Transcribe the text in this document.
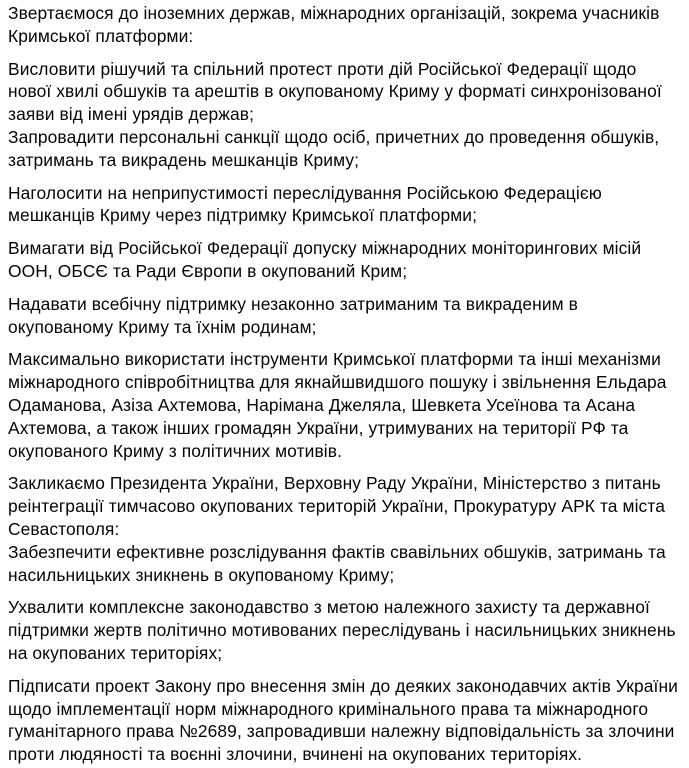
Звертаємося до іноземних держав, міжнародних організацій, зокрема учасників Кримської платформи:

Висловити рішучий та спільний протест проти дій Російської Федерації щодо нової хвилі обшуків та арештів в окупованому Криму у форматі синхронізованої заяви від імені урядів держав;
Запровадити персональні санкції щодо осіб, причетних до проведення обшуків, затримань та викрадень мешканців Криму;

Наголосити на неприпустимості переслідування Російською Федерацією мешканців Криму через підтримку Кримської платформи;

Вимагати від Російської Федерації допуску міжнародних моніторингових місій ООН, ОБСЄ та Ради Європи в окупований Крим;

Надавати всебічну підтримку незаконно затриманим та викраденим в окупованому Криму та їхнім родинам;

Максимально використати інструменти Кримської платформи та інші механізми міжнародного співробітництва для якнайшвидшого пошуку і звільнення Ельдара Одаманова, Азіза Ахтемова, Нарімана Джеляла, Шевкета Усеїнова та Асана Ахтемова, а також інших громадян України, утримуваних на території РФ та окупованого Криму з політичних мотивів.

Закликаємо Президента України, Верховну Раду України, Міністерство з питань реінтеграції тимчасово окупованих територій України, Прокуратуру АРК та міста Севастополя:
Забезпечити ефективне розслідування фактів свавільних обшуків, затримань та насильницьких зникнень в окупованому Криму;

Ухвалити комплексне законодавство з метою належного захисту та державної підтримки жертв політично мотивованих переслідувань і насильницьких зникнень на окупованих територіях;

Підписати проект Закону про внесення змін до деяких законодавчих актів України щодо імплементації норм міжнародного кримінального права та міжнародного гуманітарного права №2689, запровадивши належну відповідальність за злочини проти людяності та воєнні злочини, вчинені на окупованих територіях.
